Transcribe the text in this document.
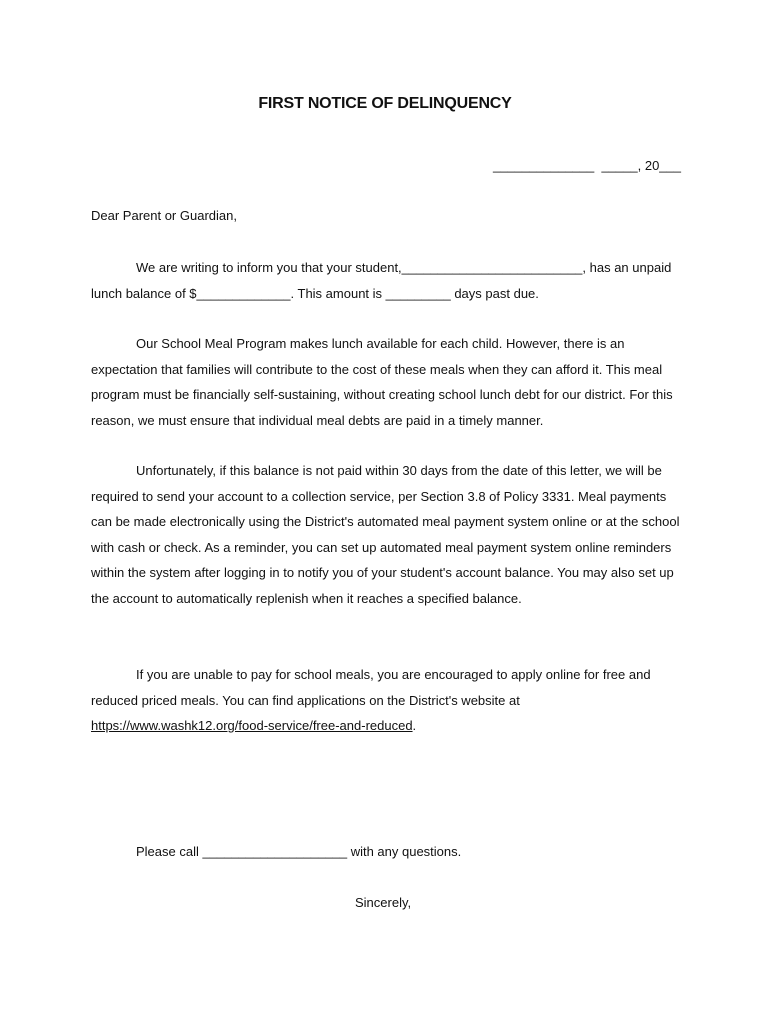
FIRST NOTICE OF DELINQUENCY
______________  _____, 20___
Dear Parent or Guardian,

We are writing to inform you that your student,_________________________, has an unpaid lunch balance of $_____________. This amount is _________ days past due.

Our School Meal Program makes lunch available for each child. However, there is an expectation that families will contribute to the cost of these meals when they can afford it. This meal program must be financially self-sustaining, without creating school lunch debt for our district. For this reason, we must ensure that individual meal debts are paid in a timely manner.

Unfortunately, if this balance is not paid within 30 days from the date of this letter, we will be required to send your account to a collection service, per Section 3.8 of Policy 3331. Meal payments can be made electronically using the District's automated meal payment system online or at the school with cash or check. As a reminder, you can set up automated meal payment system online reminders within the system after logging in to notify you of your student's account balance. You may also set up the account to automatically replenish when it reaches a specified balance.

If you are unable to pay for school meals, you are encouraged to apply online for free and reduced priced meals. You can find applications on the District's website at https://www.washk12.org/food-service/free-and-reduced.

Please call ____________________ with any questions.
Sincerely,
